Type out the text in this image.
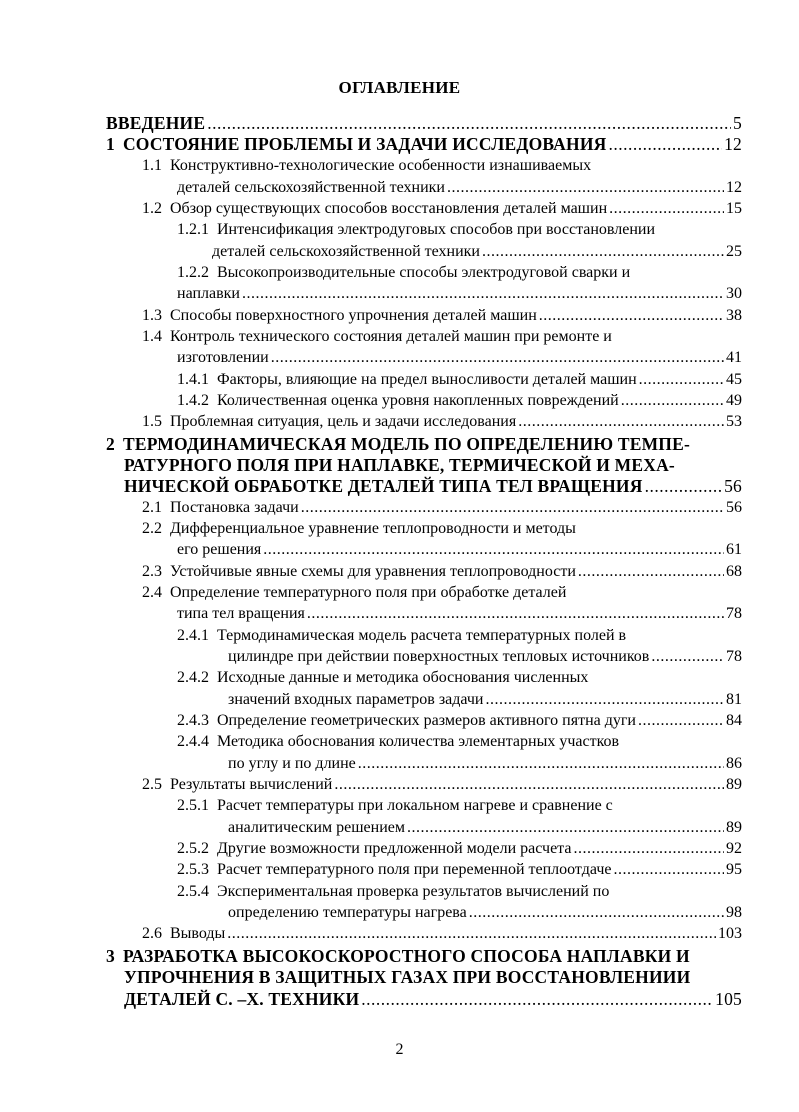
ОГЛАВЛЕНИЕ
ВВЕДЕНИЕ .....	5
1 СОСТОЯНИЕ ПРОБЛЕМЫ И ЗАДАЧИ ИССЛЕДОВАНИЯ .....	12
1.1 Конструктивно-технологические особенности изнашиваемых
деталей сельскохозяйственной техники .....	12
1.2 Обзор существующих способов восстановления деталей машин .....	15
1.2.1 Интенсификация электродуговых способов при восстановлении
деталей сельскохозяйственной техники .....	25
1.2.2 Высокопроизводительные способы электродуговой сварки и
наплавки .....	30
1.3 Способы поверхностного упрочнения деталей машин .....	38
1.4 Контроль технического состояния деталей машин при ремонте и
изготовлении .....	41
1.4.1 Факторы, влияющие на предел выносливости деталей машин .....	45
1.4.2 Количественная оценка уровня накопленных повреждений .....	49
1.5 Проблемная ситуация, цель и задачи исследования .....	53
2 ТЕРМОДИНАМИЧЕСКАЯ МОДЕЛЬ ПО ОПРЕДЕЛЕНИЮ ТЕМПЕ-
РАТУРНОГО ПОЛЯ ПРИ НАПЛАВКЕ, ТЕРМИЧЕСКОЙ И МЕХА-
НИЧЕСКОЙ ОБРАБОТКЕ ДЕТАЛЕЙ ТИПА ТЕЛ ВРАЩЕНИЯ .....	56
2.1 Постановка задачи .....	56
2.2 Дифференциальное уравнение теплопроводности и методы
его решения .....	61
2.3 Устойчивые явные схемы для уравнения теплопроводности .....	68
2.4 Определение температурного поля при обработке деталей
типа тел вращения .....	78
2.4.1 Термодинамическая модель расчета температурных полей в
цилиндре при действии поверхностных тепловых источников .....	78
2.4.2 Исходные данные и методика обоснования численных
значений входных параметров задачи .....	81
2.4.3 Определение геометрических размеров активного пятна дуги .....	84
2.4.4 Методика обоснования количества элементарных участков
по углу и по длине .....	86
2.5 Результаты вычислений .....	89
2.5.1 Расчет температуры при локальном нагреве и сравнение с
аналитическим решением .....	89
2.5.2 Другие возможности предложенной модели расчета .....	92
2.5.3 Расчет температурного поля при переменной теплоотдаче .....	95
2.5.4 Экспериментальная проверка результатов вычислений по
определению температуры нагрева .....	98
2.6 Выводы .....	103
3 РАЗРАБОТКА ВЫСОКОСКОРОСТНОГО СПОСОБА НАПЛАВКИ И
УПРОЧНЕНИЯ В ЗАЩИТНЫХ ГАЗАХ ПРИ ВОССТАНОВЛЕНИИИ
ДЕТАЛЕЙ С. –Х. ТЕХНИКИ .....	105
2
